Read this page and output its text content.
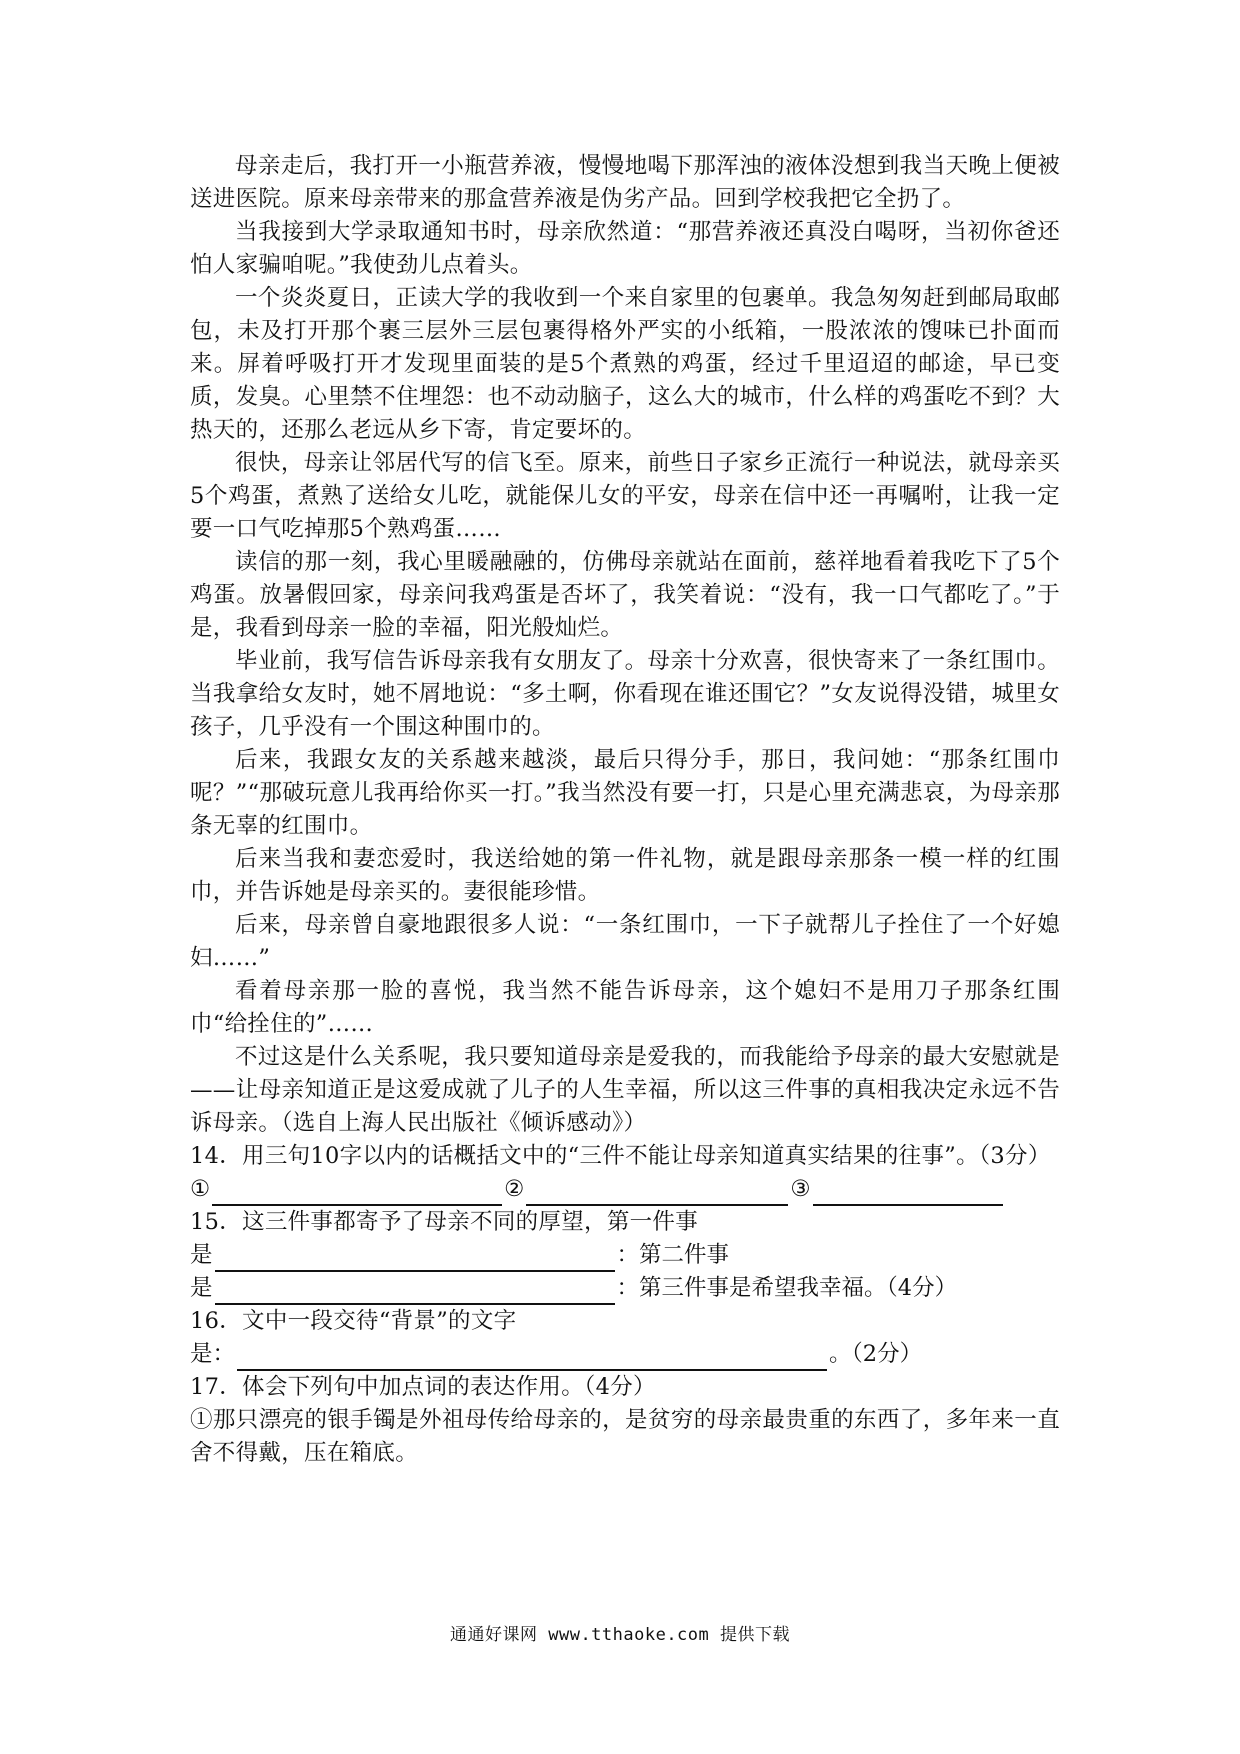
母亲走后，我打开一小瓶营养液，慢慢地喝下那浑浊的液体没想到我当天晚上便被送进医院。原来母亲带来的那盒营养液是伪劣产品。回到学校我把它全扔了。

当我接到大学录取通知书时，母亲欣然道：“那营养液还真没白喝呀，当初你爸还怕人家骗咱呢。”我使劲儿点着头。

一个炎炎夏日，正读大学的我收到一个来自家里的包裹单。我急匆匆赶到邮局取邮包，未及打开那个裹三层外三层包裹得格外严实的小纸箱，一股浓浓的馊味已扑面而来。屏着呼吸打开才发现里面装的是5个煮熟的鸡蛋，经过千里迢迢的邮途，早已变质，发臭。心里禁不住埋怨：也不动动脑子，这么大的城市，什么样的鸡蛋吃不到？大热天的，还那么老远从乡下寄，肯定要坏的。

很快，母亲让邻居代写的信飞至。原来，前些日子家乡正流行一种说法，就母亲买5个鸡蛋，煮熟了送给女儿吃，就能保儿女的平安，母亲在信中还一再嘱咐，让我一定要一口气吃掉那5个熟鸡蛋……

读信的那一刻，我心里暖融融的，仿佛母亲就站在面前，慈祥地看着我吃下了5个鸡蛋。放暑假回家，母亲问我鸡蛋是否坏了，我笑着说：“没有，我一口气都吃了。”于是，我看到母亲一脸的幸福，阳光般灿烂。

毕业前，我写信告诉母亲我有女朋友了。母亲十分欢喜，很快寄来了一条红围巾。当我拿给女友时，她不屑地说：“多土啊，你看现在谁还围它？”女友说得没错，城里女孩子，几乎没有一个围这种围巾的。

后来，我跟女友的关系越来越淡，最后只得分手，那日，我问她：“那条红围巾呢？”“那破玩意儿我再给你买一打。”我当然没有要一打，只是心里充满悲哀，为母亲那条无辜的红围巾。

后来当我和妻恋爱时，我送给她的第一件礼物，就是跟母亲那条一模一样的红围巾，并告诉她是母亲买的。妻很能珍惜。

后来，母亲曾自豪地跟很多人说：“一条红围巾，一下子就帮儿子拴住了一个好媳妇……”

看着母亲那一脸的喜悦，我当然不能告诉母亲，这个媳妇不是用刀子那条红围巾“给拴住的”……

不过这是什么关系呢，我只要知道母亲是爱我的，而我能给予母亲的最大安慰就是——让母亲知道正是这爱成就了儿子的人生幸福，所以这三件事的真相我决定永远不告诉母亲。（选自上海人民出版社《倾诉感动》）

14．用三句10字以内的话概括文中的“三件不能让母亲知道真实结果的往事”。（3分）

①	②	③

15．这三件事都寄予了母亲不同的厚望，第一件事

是	：第二件事
是	：第三件事是希望我幸福。（4分）

16．文中一段交待“背景”的文字

是：	。（2分）

17．体会下列句中加点词的表达作用。（4分）

①那只漂亮的银手镯是外祖母传给母亲的，是贫穷的母亲最贵重的东西了，多年来一直舍不得戴，压在箱底。

通通好课网 www.tthaoke.com 提供下载
